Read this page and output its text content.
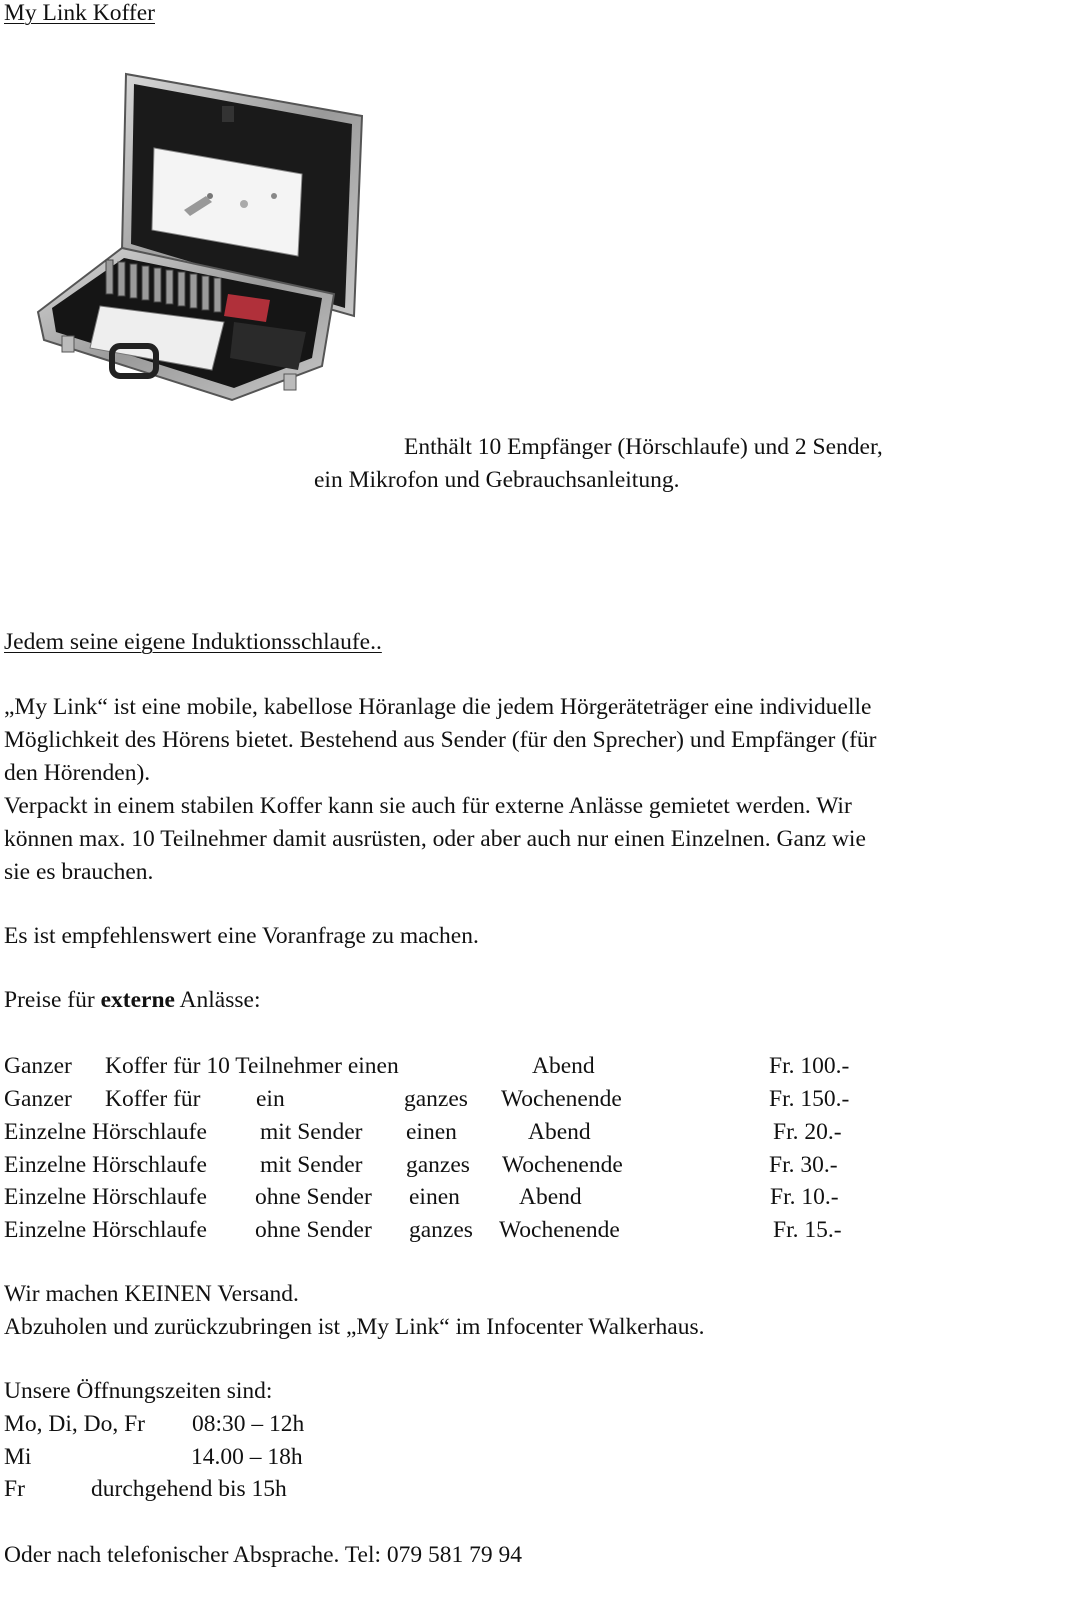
My Link Koffer
Enthält 10 Empfänger (Hörschlaufe) und 2 Sender,
ein Mikrofon und Gebrauchsanleitung.
Jedem seine eigene Induktionsschlaufe..
„My Link“ ist eine mobile, kabellose Höranlage die jedem Hörgeräteträger eine individuelle
Möglichkeit des Hörens bietet. Bestehend aus Sender (für den Sprecher) und Empfänger (für
den Hörenden).
Verpackt in einem stabilen Koffer kann sie auch für externe Anlässe gemietet werden. Wir
können max. 10 Teilnehmer damit ausrüsten, oder aber auch nur einen Einzelnen. Ganz wie
sie es brauchen.
Es ist empfehlenswert eine Voranfrage zu machen.
Preise für externe Anlässe:
Ganzer Koffer für 10 Teilnehmer einen	Abend	Fr. 100.-
Ganzer Koffer für ein	ganzes Wochenende	Fr. 150.-
Einzelne Hörschlaufe mit Sender einen	Abend	Fr. 20.-
Einzelne Hörschlaufe mit Sender ganzes Wochenende	Fr. 30.-
Einzelne Hörschlaufe ohne Sender einen	Abend	Fr. 10.-
Einzelne Hörschlaufe ohne Sender ganzes Wochenende	Fr. 15.-
Wir machen KEINEN Versand.
Abzuholen und zurückzubringen ist „My Link“ im Infocenter Walkerhaus.
Unsere Öffnungszeiten sind:
Mo, Di, Do, Fr 08:30 – 12h
Mi	14.00 – 18h
Fr	durchgehend bis 15h
Oder nach telefonischer Absprache. Tel: 079 581 79 94
